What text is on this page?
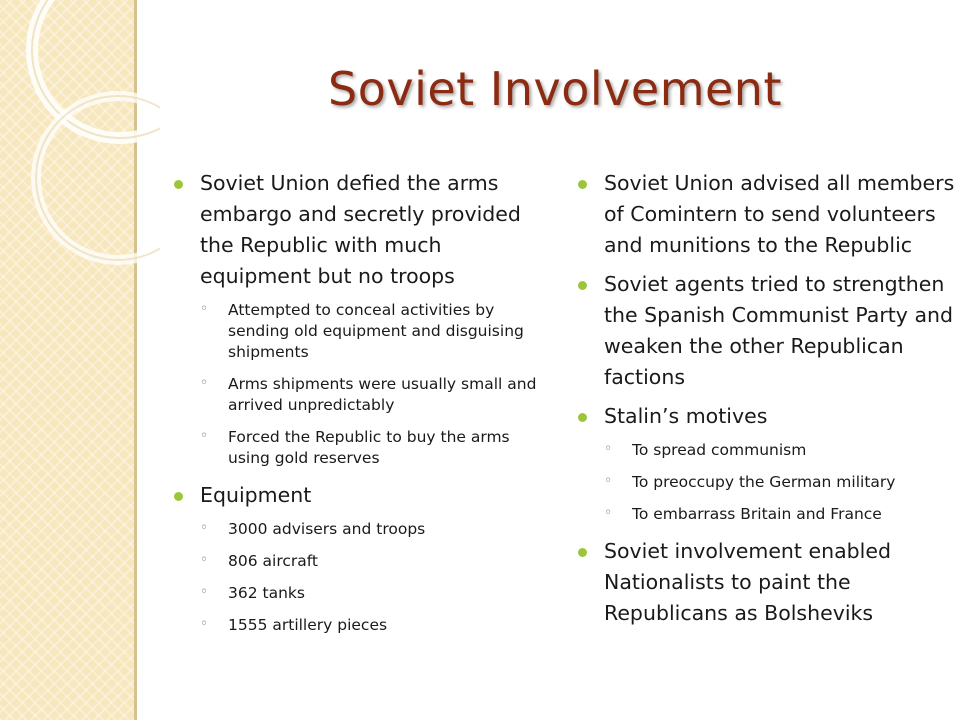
Soviet Involvement
Soviet Union defied the arms embargo and secretly provided the Republic with much equipment but no troops
◦ Attempted to conceal activities by sending old equipment and disguising shipments
◦ Arms shipments were usually small and arrived unpredictably
◦ Forced the Republic to buy the arms using gold reserves
Equipment
◦ 3000 advisers and troops
◦ 806 aircraft
◦ 362 tanks
◦ 1555 artillery pieces
Soviet Union advised all members of Comintern to send volunteers and munitions to the Republic
Soviet agents tried to strengthen the Spanish Communist Party and weaken the other Republican factions
Stalin’s motives
◦ To spread communism
◦ To preoccupy the German military
◦ To embarrass Britain and France
Soviet involvement enabled Nationalists to paint the Republicans as Bolsheviks
